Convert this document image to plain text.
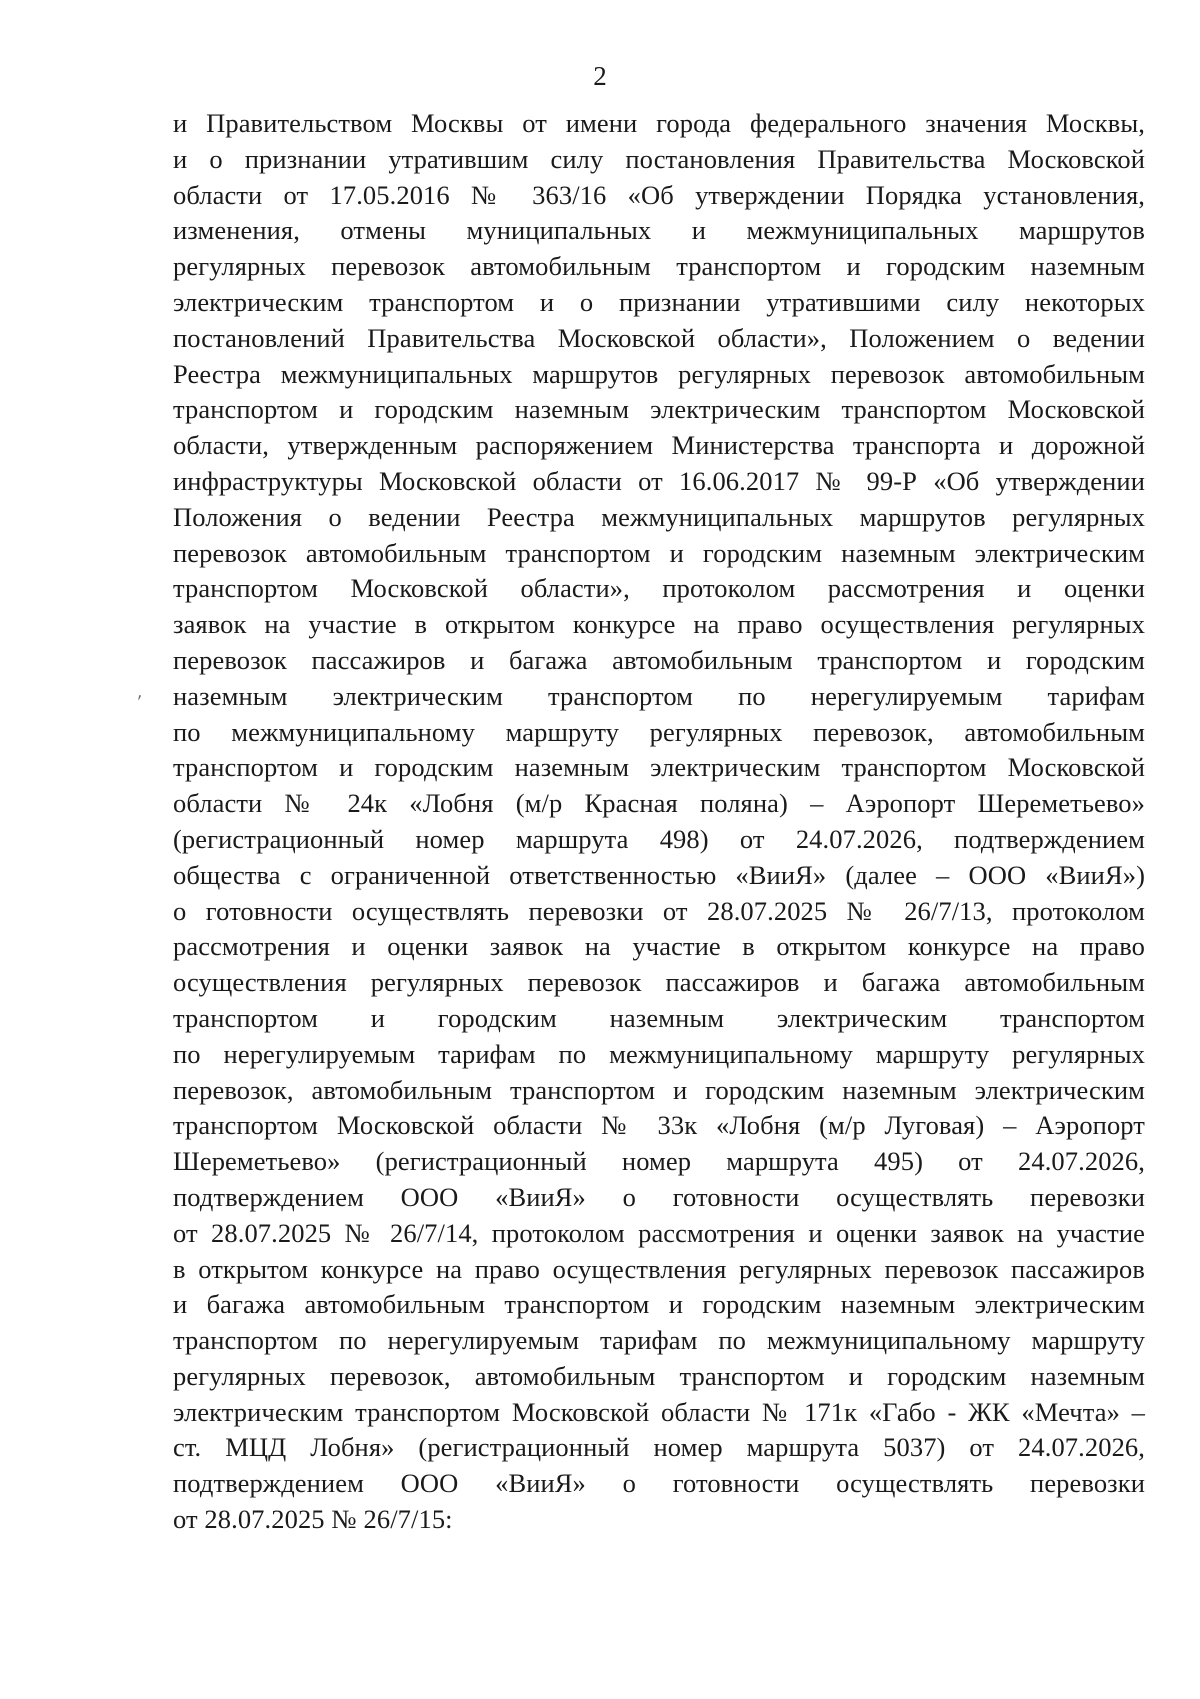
2
'
и Правительством Москвы от имени города федерального значения Москвы,
и о признании утратившим силу постановления Правительства Московской
области от 17.05.2016 № 363/16 «Об утверждении Порядка установления,
изменения, отмены муниципальных и межмуниципальных маршрутов
регулярных перевозок автомобильным транспортом и городским наземным
электрическим транспортом и о признании утратившими силу некоторых
постановлений Правительства Московской области», Положением о ведении
Реестра межмуниципальных маршрутов регулярных перевозок автомобильным
транспортом и городским наземным электрическим транспортом Московской
области, утвержденным распоряжением Министерства транспорта и дорожной
инфраструктуры Московской области от 16.06.2017 № 99-Р «Об утверждении
Положения о ведении Реестра межмуниципальных маршрутов регулярных
перевозок автомобильным транспортом и городским наземным электрическим
транспортом Московской области», протоколом рассмотрения и оценки
заявок на участие в открытом конкурсе на право осуществления регулярных
перевозок пассажиров и багажа автомобильным транспортом и городским
наземным электрическим транспортом по нерегулируемым тарифам
по межмуниципальному маршруту регулярных перевозок, автомобильным
транспортом и городским наземным электрическим транспортом Московской
области № 24к «Лобня (м/р Красная поляна) – Аэропорт Шереметьево»
(регистрационный номер маршрута 498) от 24.07.2026, подтверждением
общества с ограниченной ответственностью «ВииЯ» (далее – ООО «ВииЯ»)
о готовности осуществлять перевозки от 28.07.2025 № 26/7/13, протоколом
рассмотрения и оценки заявок на участие в открытом конкурсе на право
осуществления регулярных перевозок пассажиров и багажа автомобильным
транспортом и городским наземным электрическим транспортом
по нерегулируемым тарифам по межмуниципальному маршруту регулярных
перевозок, автомобильным транспортом и городским наземным электрическим
транспортом Московской области № 33к «Лобня (м/р Луговая) – Аэропорт
Шереметьево» (регистрационный номер маршрута 495) от 24.07.2026,
подтверждением ООО «ВииЯ» о готовности осуществлять перевозки
от 28.07.2025 № 26/7/14, протоколом рассмотрения и оценки заявок на участие
в открытом конкурсе на право осуществления регулярных перевозок пассажиров
и багажа автомобильным транспортом и городским наземным электрическим
транспортом по нерегулируемым тарифам по межмуниципальному маршруту
регулярных перевозок, автомобильным транспортом и городским наземным
электрическим транспортом Московской области № 171к «Габо - ЖК «Мечта» –
ст. МЦД Лобня» (регистрационный номер маршрута 5037) от 24.07.2026,
подтверждением ООО «ВииЯ» о готовности осуществлять перевозки
от 28.07.2025 № 26/7/15:
